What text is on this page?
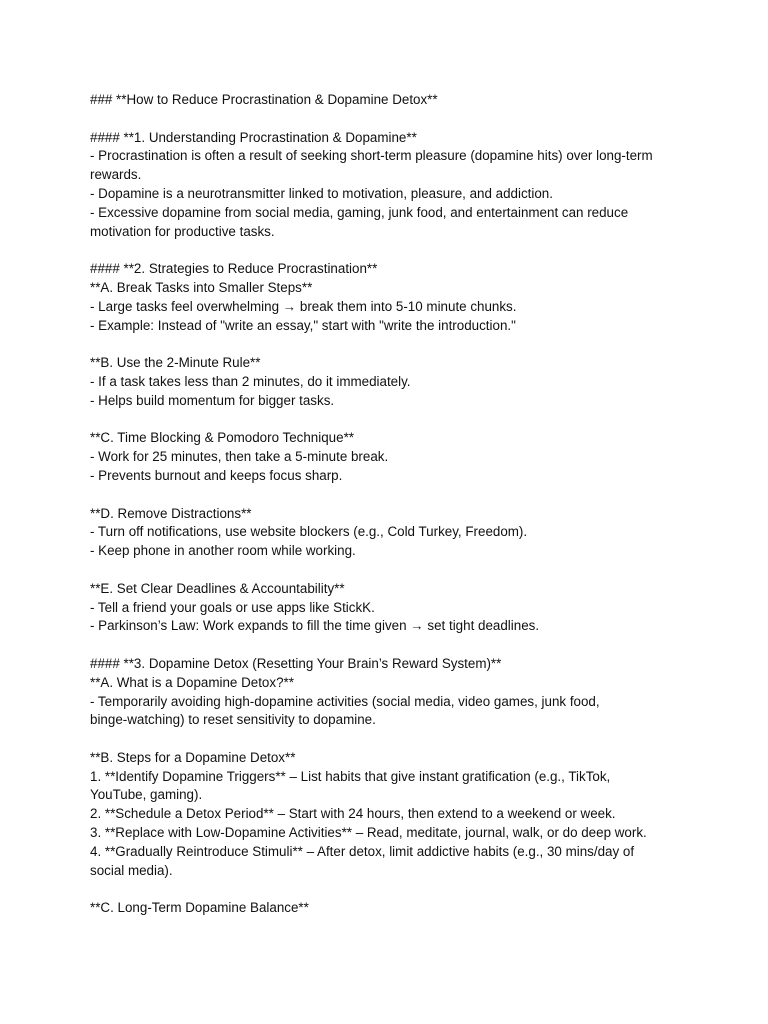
### **How to Reduce Procrastination & Dopamine Detox**
#### **1. Understanding Procrastination & Dopamine**
- Procrastination is often a result of seeking short-term pleasure (dopamine hits) over long-term
rewards.
- Dopamine is a neurotransmitter linked to motivation, pleasure, and addiction.
- Excessive dopamine from social media, gaming, junk food, and entertainment can reduce
motivation for productive tasks.
#### **2. Strategies to Reduce Procrastination**
**A. Break Tasks into Smaller Steps**
- Large tasks feel overwhelming → break them into 5-10 minute chunks.
- Example: Instead of "write an essay," start with "write the introduction."
**B. Use the 2-Minute Rule**
- If a task takes less than 2 minutes, do it immediately.
- Helps build momentum for bigger tasks.
**C. Time Blocking & Pomodoro Technique**
- Work for 25 minutes, then take a 5-minute break.
- Prevents burnout and keeps focus sharp.
**D. Remove Distractions**
- Turn off notifications, use website blockers (e.g., Cold Turkey, Freedom).
- Keep phone in another room while working.
**E. Set Clear Deadlines & Accountability**
- Tell a friend your goals or use apps like StickK.
- Parkinson’s Law: Work expands to fill the time given → set tight deadlines.
#### **3. Dopamine Detox (Resetting Your Brain’s Reward System)**
**A. What is a Dopamine Detox?**
- Temporarily avoiding high-dopamine activities (social media, video games, junk food,
binge-watching) to reset sensitivity to dopamine.
**B. Steps for a Dopamine Detox**
1. **Identify Dopamine Triggers** – List habits that give instant gratification (e.g., TikTok,
YouTube, gaming).
2. **Schedule a Detox Period** – Start with 24 hours, then extend to a weekend or week.
3. **Replace with Low-Dopamine Activities** – Read, meditate, journal, walk, or do deep work.
4. **Gradually Reintroduce Stimuli** – After detox, limit addictive habits (e.g., 30 mins/day of
social media).
**C. Long-Term Dopamine Balance**
